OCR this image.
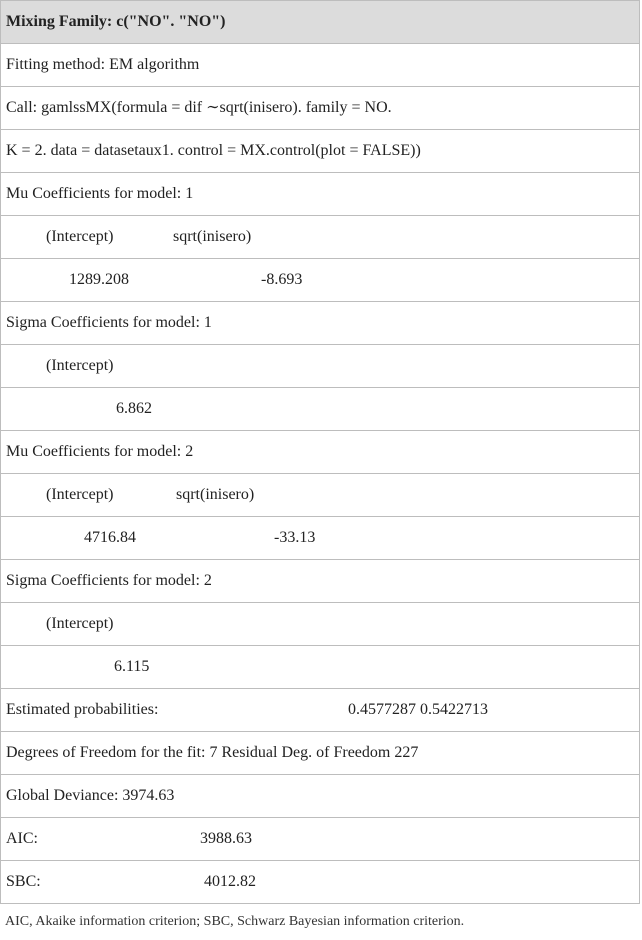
Mixing Family: c("NO". "NO")
Fitting method: EM algorithm
Call: gamlssMX(formula = dif ∼sqrt(inisero). family = NO.
K = 2. data = datasetaux1. control = MX.control(plot = FALSE))
Mu Coefficients for model: 1

(Intercept)	sqrt(inisero)

1289.208	-8.693

Sigma Coefficients for model: 1

(Intercept)

6.862

Mu Coefficients for model: 2

(Intercept)	sqrt(inisero)

4716.84	-33.13

Sigma Coefficients for model: 2

(Intercept)

6.115

Estimated probabilities:	0.4577287 0.5422713

Degrees of Freedom for the fit: 7 Residual Deg. of Freedom 227
Global Deviance: 3974.63

AIC:	3988.63

SBC:	4012.82
AIC, Akaike information criterion; SBC, Schwarz Bayesian information criterion.
